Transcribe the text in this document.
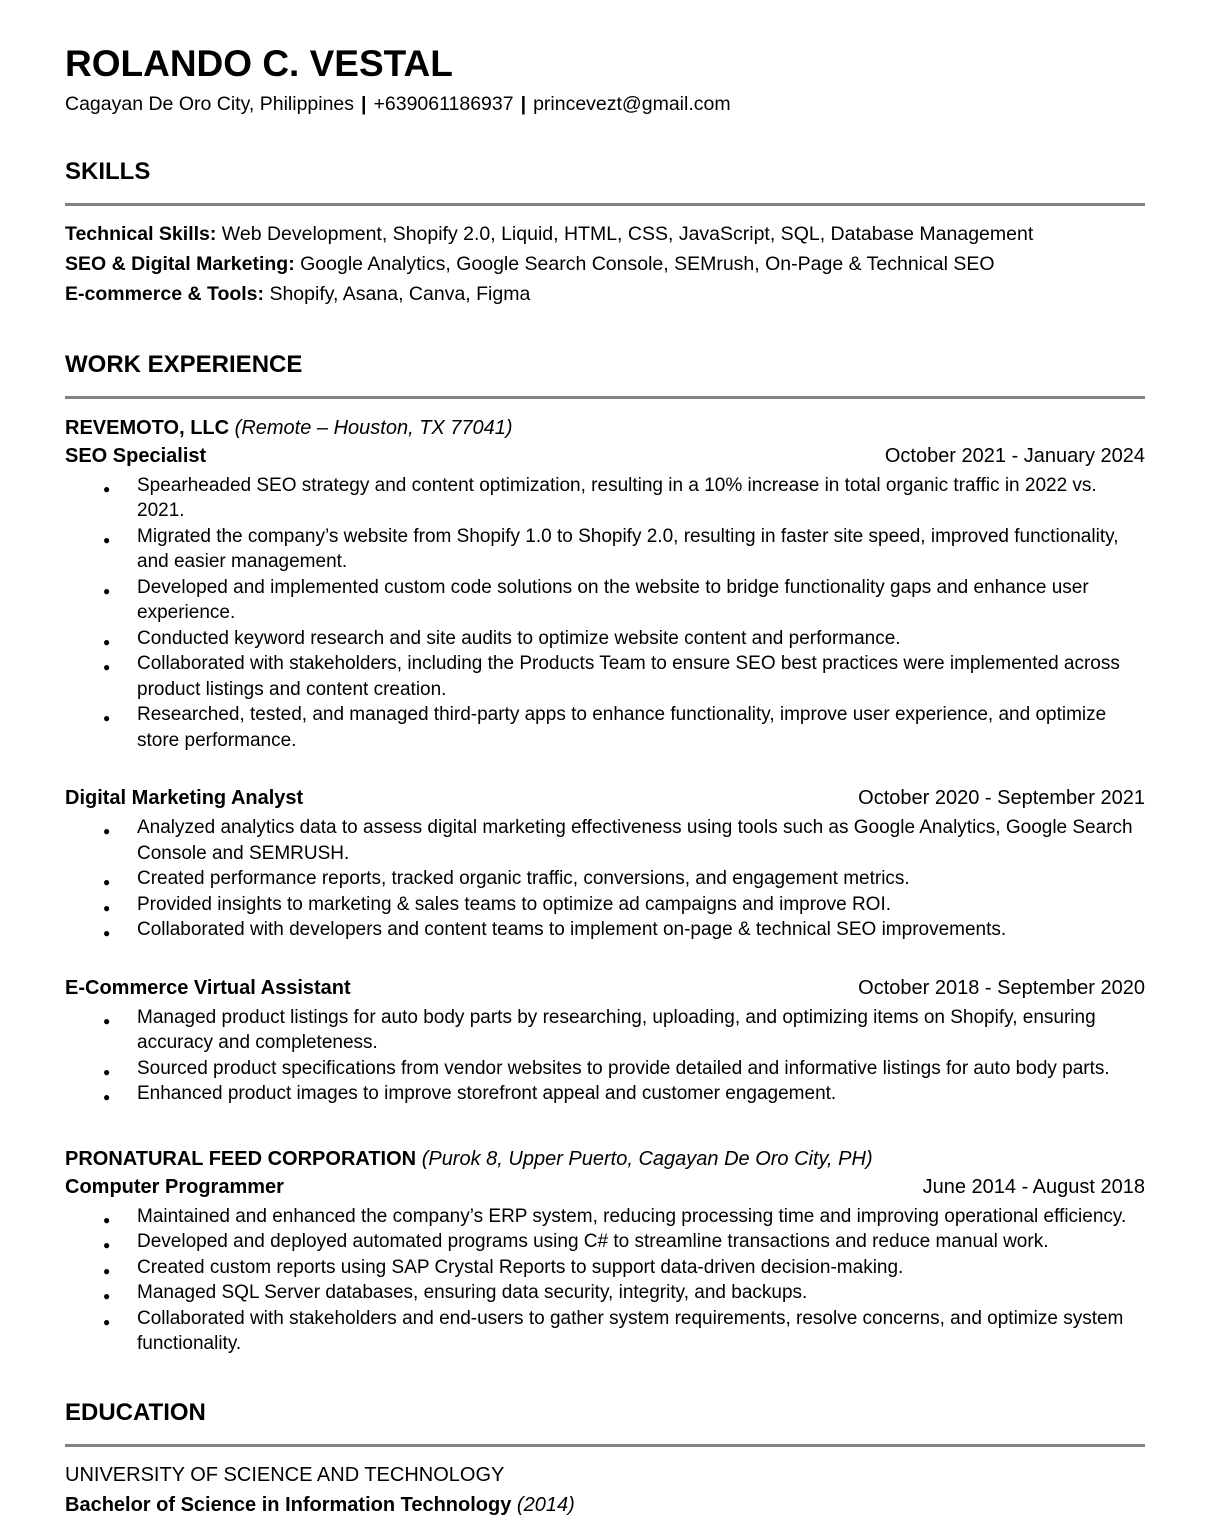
ROLANDO C. VESTAL
Cagayan De Oro City, Philippines | +639061186937 | princevezt@gmail.com
SKILLS
Technical Skills: Web Development, Shopify 2.0, Liquid, HTML, CSS, JavaScript, SQL, Database Management
SEO & Digital Marketing: Google Analytics, Google Search Console, SEMrush, On-Page & Technical SEO
E-commerce & Tools: Shopify, Asana, Canva, Figma
WORK EXPERIENCE
REVEMOTO, LLC (Remote – Houston, TX 77041)
SEO Specialist	October 2021 - January 2024
● Spearheaded SEO strategy and content optimization, resulting in a 10% increase in total organic traffic in 2022 vs. 2021.
● Migrated the company’s website from Shopify 1.0 to Shopify 2.0, resulting in faster site speed, improved functionality, and easier management.
● Developed and implemented custom code solutions on the website to bridge functionality gaps and enhance user experience.
● Conducted keyword research and site audits to optimize website content and performance.
● Collaborated with stakeholders, including the Products Team to ensure SEO best practices were implemented across product listings and content creation.
● Researched, tested, and managed third-party apps to enhance functionality, improve user experience, and optimize store performance.
Digital Marketing Analyst	October 2020 - September 2021
● Analyzed analytics data to assess digital marketing effectiveness using tools such as Google Analytics, Google Search Console and SEMRUSH.
● Created performance reports, tracked organic traffic, conversions, and engagement metrics.
● Provided insights to marketing & sales teams to optimize ad campaigns and improve ROI.
● Collaborated with developers and content teams to implement on-page & technical SEO improvements.
E-Commerce Virtual Assistant	October 2018 - September 2020
● Managed product listings for auto body parts by researching, uploading, and optimizing items on Shopify, ensuring accuracy and completeness.
● Sourced product specifications from vendor websites to provide detailed and informative listings for auto body parts.
● Enhanced product images to improve storefront appeal and customer engagement.
PRONATURAL FEED CORPORATION (Purok 8, Upper Puerto, Cagayan De Oro City, PH)
Computer Programmer	June 2014 - August 2018
● Maintained and enhanced the company’s ERP system, reducing processing time and improving operational efficiency.
● Developed and deployed automated programs using C# to streamline transactions and reduce manual work.
● Created custom reports using SAP Crystal Reports to support data-driven decision-making.
● Managed SQL Server databases, ensuring data security, integrity, and backups.
● Collaborated with stakeholders and end-users to gather system requirements, resolve concerns, and optimize system functionality.
EDUCATION
UNIVERSITY OF SCIENCE AND TECHNOLOGY
Bachelor of Science in Information Technology (2014)
